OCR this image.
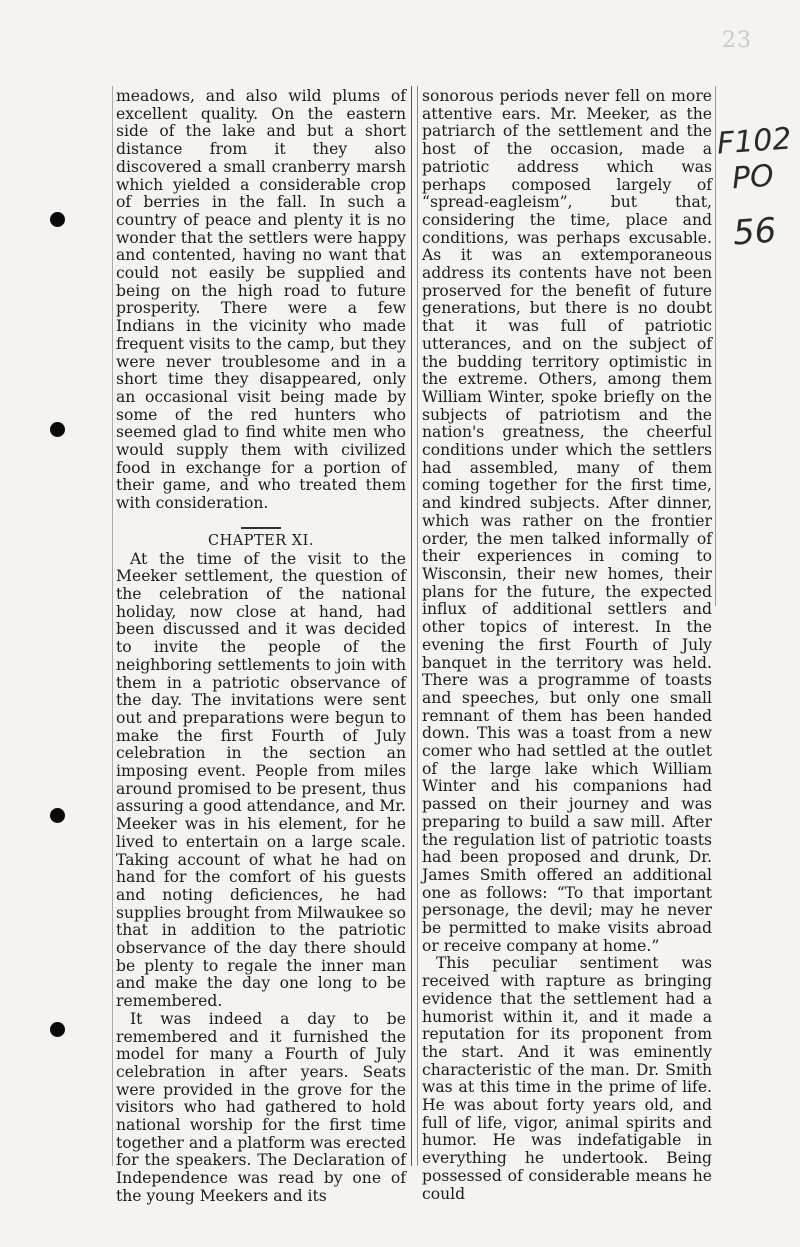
23
F102
PO
56

meadows, and also wild plums of excellent quality. On the eastern side of the lake and but a short distance from it they also discovered a small cranberry marsh which yielded a considerable crop of berries in the fall. In such a country of peace and plenty it is no wonder that the settlers were happy and contented, having no want that could not easily be supplied and being on the high road to future prosperity. There were a few Indians in the vicinity who made frequent visits to the camp, but they were never troublesome and in a short time they disappeared, only an occasional visit being made by some of the red hunters who seemed glad to find white men who would supply them with civilized food in exchange for a portion of their game, and who treated them with consideration.

CHAPTER XI.

At the time of the visit to the Meeker settlement, the question of the celebration of the national holiday, now close at hand, had been discussed and it was decided to invite the people of the neighboring settlements to join with them in a patriotic observance of the day. The invitations were sent out and preparations were begun to make the first Fourth of July celebration in the section an imposing event. People from miles around promised to be present, thus assuring a good attendance, and Mr. Meeker was in his element, for he lived to entertain on a large scale. Taking account of what he had on hand for the comfort of his guests and noting deficiences, he had supplies brought from Milwaukee so that in addition to the patriotic observance of the day there should be plenty to regale the inner man and make the day one long to be remembered.

It was indeed a day to be remembered and it furnished the model for many a Fourth of July celebration in after years. Seats were provided in the grove for the visitors who had gathered to hold national worship for the first time together and a platform was erected for the speakers. The Declaration of Independence was read by one of the young Meekers and its

sonorous periods never fell on more attentive ears. Mr. Meeker, as the patriarch of the settlement and the host of the occasion, made a patriotic address which was perhaps composed largely of “spread-eagleism”, but that, considering the time, place and conditions, was perhaps excusable. As it was an extemporaneous address its contents have not been proserved for the benefit of future generations, but there is no doubt that it was full of patriotic utterances, and on the subject of the budding territory optimistic in the extreme. Others, among them William Winter, spoke briefly on the subjects of patriotism and the nation's greatness, the cheerful conditions under which the settlers had assembled, many of them coming together for the first time, and kindred subjects. After dinner, which was rather on the frontier order, the men talked informally of their experiences in coming to Wisconsin, their new homes, their plans for the future, the expected influx of additional settlers and other topics of interest. In the evening the first Fourth of July banquet in the territory was held. There was a programme of toasts and speeches, but only one small remnant of them has been handed down. This was a toast from a new comer who had settled at the outlet of the large lake which William Winter and his companions had passed on their journey and was preparing to build a saw mill. After the regulation list of patriotic toasts had been proposed and drunk, Dr. James Smith offered an additional one as follows: “To that important personage, the devil; may he never be permitted to make visits abroad or receive company at home.”

This peculiar sentiment was received with rapture as bringing evidence that the settlement had a humorist within it, and it made a reputation for its proponent from the start. And it was eminently characteristic of the man. Dr. Smith was at this time in the prime of life. He was about forty years old, and full of life, vigor, animal spirits and humor. He was indefatigable in everything he undertook. Being possessed of considerable means he could
